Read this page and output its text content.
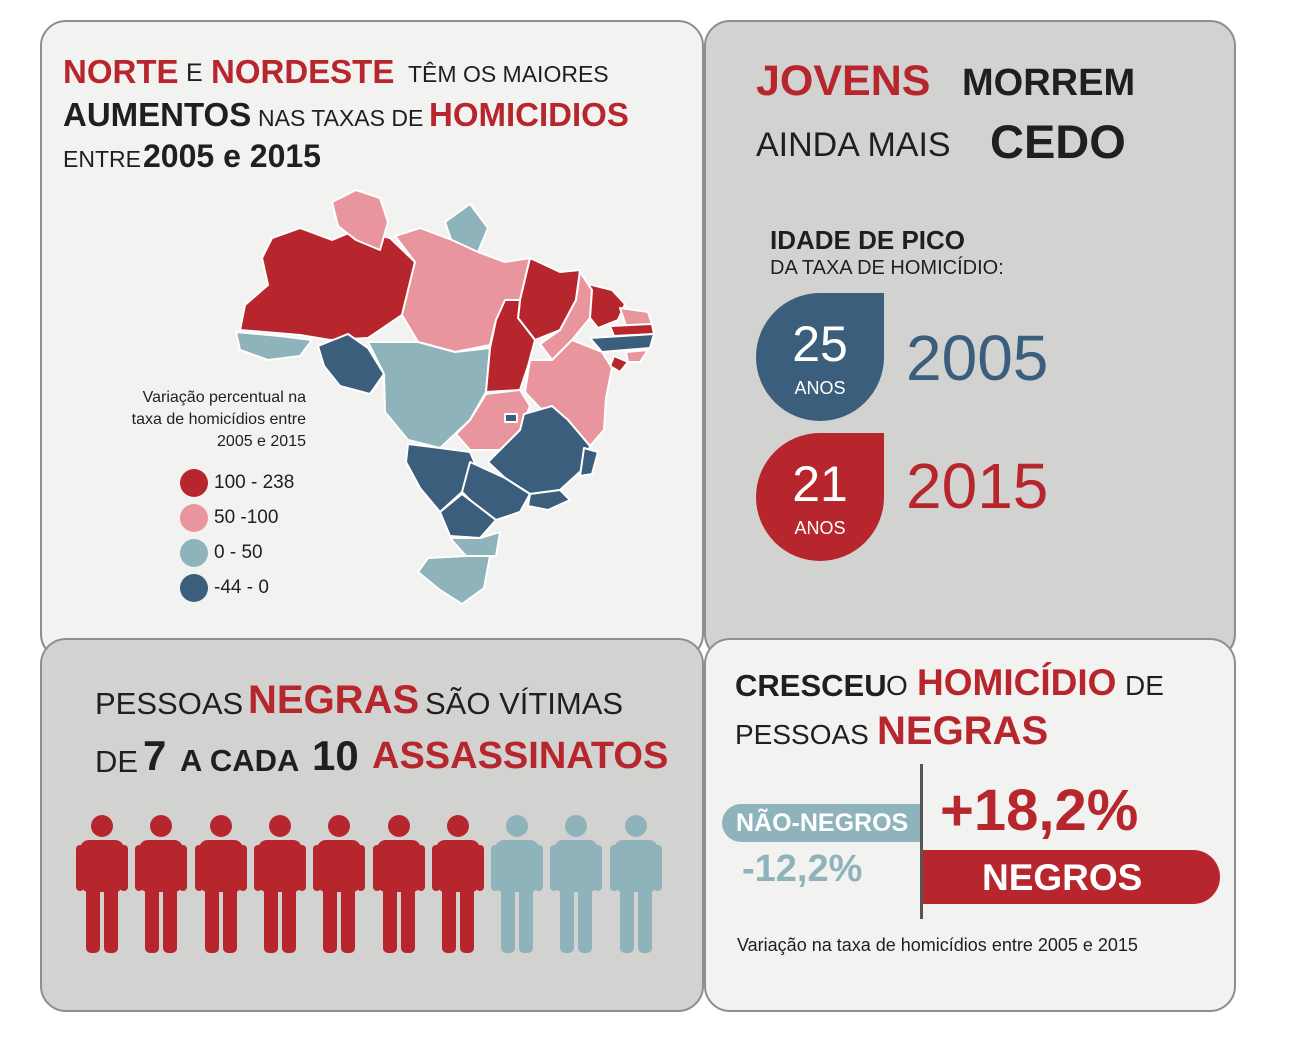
NORTE E NORDESTE TÊM OS MAIORES
AUMENTOS NAS TAXAS DE HOMICIDIOS
ENTRE 2005 e 2015
Variação percentual na
taxa de homicídios entre
2005 e 2015
100 - 238
50 -100
0 - 50
-44 - 0
JOVENS MORREM
AINDA MAIS CEDO
IDADE DE PICO
DA TAXA DE HOMICÍDIO:
25
ANOS 2005
21
ANOS
2015
PESSOAS NEGRAS SÃO VÍTIMAS
DE 7 A CADA 10 ASSASSINATOS
CRESCEU O HOMICÍDIO DE
PESSOAS NEGRAS
NÃO-NEGROS
-12,2%
+18,2%
NEGROS
Variação na taxa de homicídios entre 2005 e 2015
